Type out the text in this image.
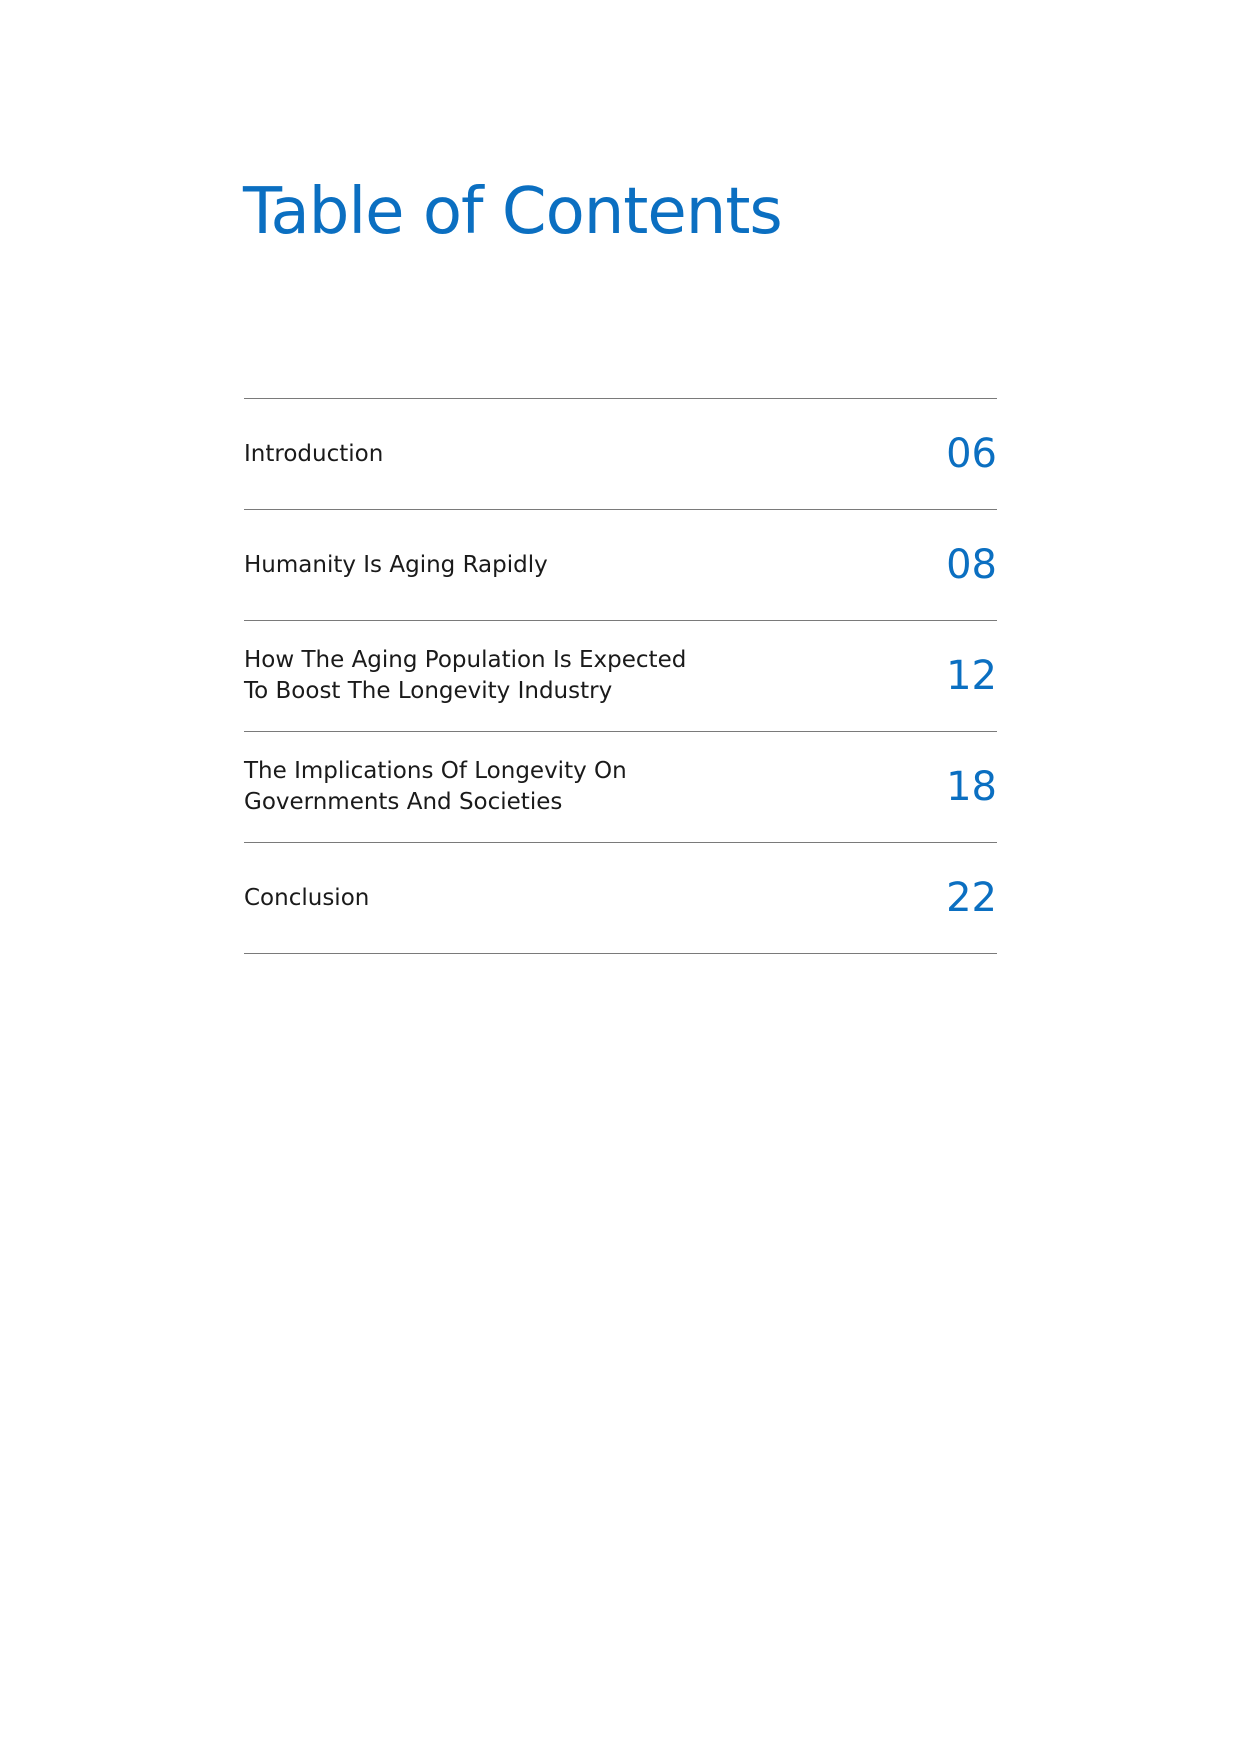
Table of Contents
Introduction	06
Humanity Is Aging Rapidly	08
How The Aging Population Is Expected
To Boost The Longevity Industry	12
The Implications Of Longevity On
Governments And Societies	18
Conclusion	22
